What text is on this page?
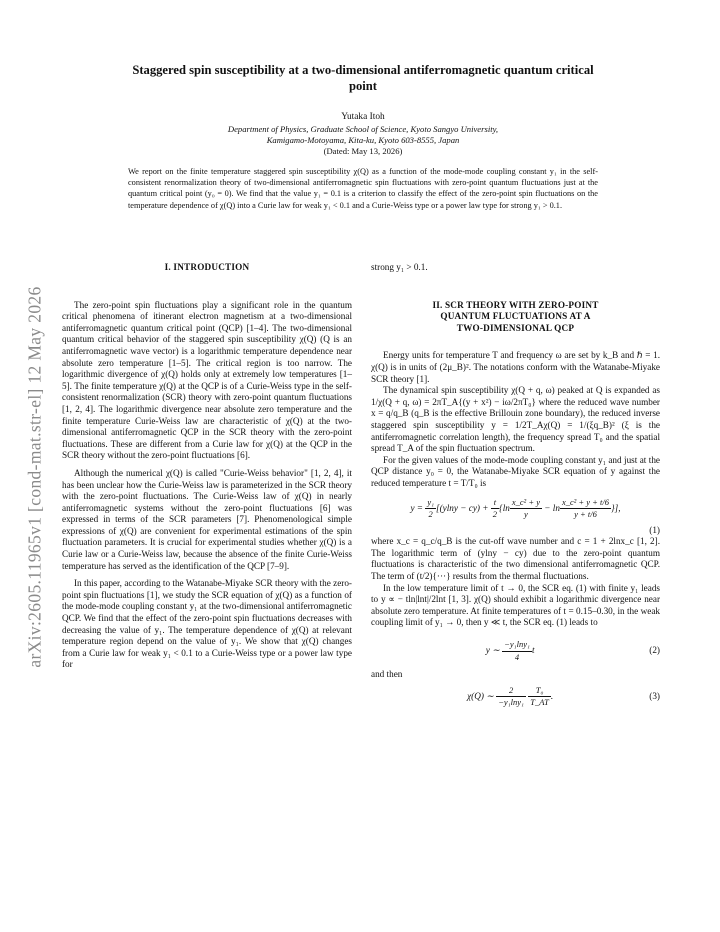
arXiv:2605.11965v1 [cond-mat.str-el] 12 May 2026
Staggered spin susceptibility at a two-dimensional antiferromagnetic quantum critical
point
Yutaka Itoh
Department of Physics, Graduate School of Science, Kyoto Sangyo University,
Kamigamo-Motoyama, Kita-ku, Kyoto 603-8555, Japan
(Dated: May 13, 2026)
We report on the finite temperature staggered spin susceptibility χ(Q) as a function of the mode-mode coupling constant y₁ in the self-consistent renormalization theory of two-dimensional antiferromagnetic spin fluctuations with zero-point quantum fluctuations just at the quantum critical point (y₀ = 0). We find that the value y₁ = 0.1 is a criterion to classify the effect of the zero-point spin fluctuations on the temperature dependence of χ(Q) into a Curie law for weak y₁ < 0.1 and a Curie-Weiss type or a power law type for strong y₁ > 0.1.

I. INTRODUCTION

The zero-point spin fluctuations play a significant role in the quantum critical phenomena of itinerant electron magnetism at a two-dimensional antiferromagnetic quantum critical point (QCP) [1–4]. The two-dimensional quantum critical behavior of the staggered spin susceptibility χ(Q) (Q is an antiferromagnetic wave vector) is a logarithmic temperature dependence near absolute zero temperature [1–5]. The critical region is too narrow. The logarithmic divergence of χ(Q) holds only at extremely low temperatures [1–5]. The finite temperature χ(Q) at the QCP is of a Curie-Weiss type in the self-consistent renormalization (SCR) theory with zero-point quantum fluctuations [1, 2, 4]. The logarithmic divergence near absolute zero temperature and the finite temperature Curie-Weiss law are characteristic of χ(Q) at the two-dimensional antiferromagnetic QCP in the SCR theory with the zero-point fluctuations. These are different from a Curie law for χ(Q) at the QCP in the SCR theory without the zero-point fluctuations [6].

Although the numerical χ(Q) is called "Curie-Weiss behavior" [1, 2, 4], it has been unclear how the Curie-Weiss law is parameterized in the SCR theory with the zero-point fluctuations. The Curie-Weiss law of χ(Q) in nearly antiferromagnetic systems without the zero-point fluctuations [6] was expressed in terms of the SCR parameters [7]. Phenomenological simple expressions of χ(Q) are convenient for experimental estimations of the spin fluctuation parameters. It is crucial for experimental studies whether χ(Q) is a Curie law or a Curie-Weiss law, because the absence of the finite Curie-Weiss temperature has served as the identification of the QCP [7–9].

In this paper, according to the Watanabe-Miyake SCR theory with the zero-point spin fluctuations [1], we study the SCR equation of χ(Q) as a function of the mode-mode coupling constant y₁ at the two-dimensional antiferromagnetic QCP. We find that the effect of the zero-point spin fluctuations decreases with decreasing the value of y₁. The temperature dependence of χ(Q) at relevant temperature region depend on the value of y₁. We show that χ(Q) changes from a Curie law for weak y₁ < 0.1 to a Curie-Weiss type or a power law type for

strong y₁ > 0.1.

II. SCR THEORY WITH ZERO-POINT
QUANTUM FLUCTUATIONS AT A
TWO-DIMENSIONAL QCP

Energy units for temperature T and frequency ω are set by k_B and ℏ = 1. χ(Q) is in units of (2μ_B)². The notations conform with the Watanabe-Miyake SCR theory [1].

The dynamical spin susceptibility χ(Q + q, ω) peaked at Q is expanded as 1/χ(Q + q, ω) = 2πT_A{(y + x²) − iω/2πT₀} where the reduced wave number x = q/q_B (q_B is the effective Brillouin zone boundary), the reduced inverse staggered spin susceptibility y = 1/2T_Aχ(Q) = 1/(ξq_B)² (ξ is the antiferromagnetic correlation length), the frequency spread T₀ and the spatial spread T_A of the spin fluctuation spectrum.

For the given values of the mode-mode coupling constant y₁ and just at the QCP distance y₀ = 0, the Watanabe-Miyake SCR equation of y against the reduced temperature t = T/T₀ is

$y = \frac{\text{y₁}}{2} [(ylny - cy) + \frac{t}{2} \{\ln \frac{\text{x\_c² + y}}{y} - \ln \frac{\text{x\_c² + y + t/6}}{y + t/6}$ }],
(1)

where x_c = q_c/q_B is the cut-off wave number and c = 1 + 2lnx_c [1, 2]. The logarithmic term of (ylny − cy) due to the zero-point quantum fluctuations is characteristic of the two dimensional antiferromagnetic QCP. The term of (t/2){···} results from the thermal fluctuations.

In the low temperature limit of t → 0, the SCR eq. (1) with finite y₁ leads to y ∝ − tln|lnt|/2lnt [1, 3]. χ(Q) should exhibit a logarithmic divergence near absolute zero temperature. At finite temperatures of t = 0.15–0.30, in the weak coupling limit of y₁ → 0, then y ≪ t, the SCR eq. (1) leads to

y ∼ $\frac{\text{−y₁lny₁}}{4}$ t	(2)

and then

χ(Q) ∼ $\frac{2}{\text{−y₁lny₁}}$
$\frac{\text{T₀}}{T\_AT}$ .	(3)
